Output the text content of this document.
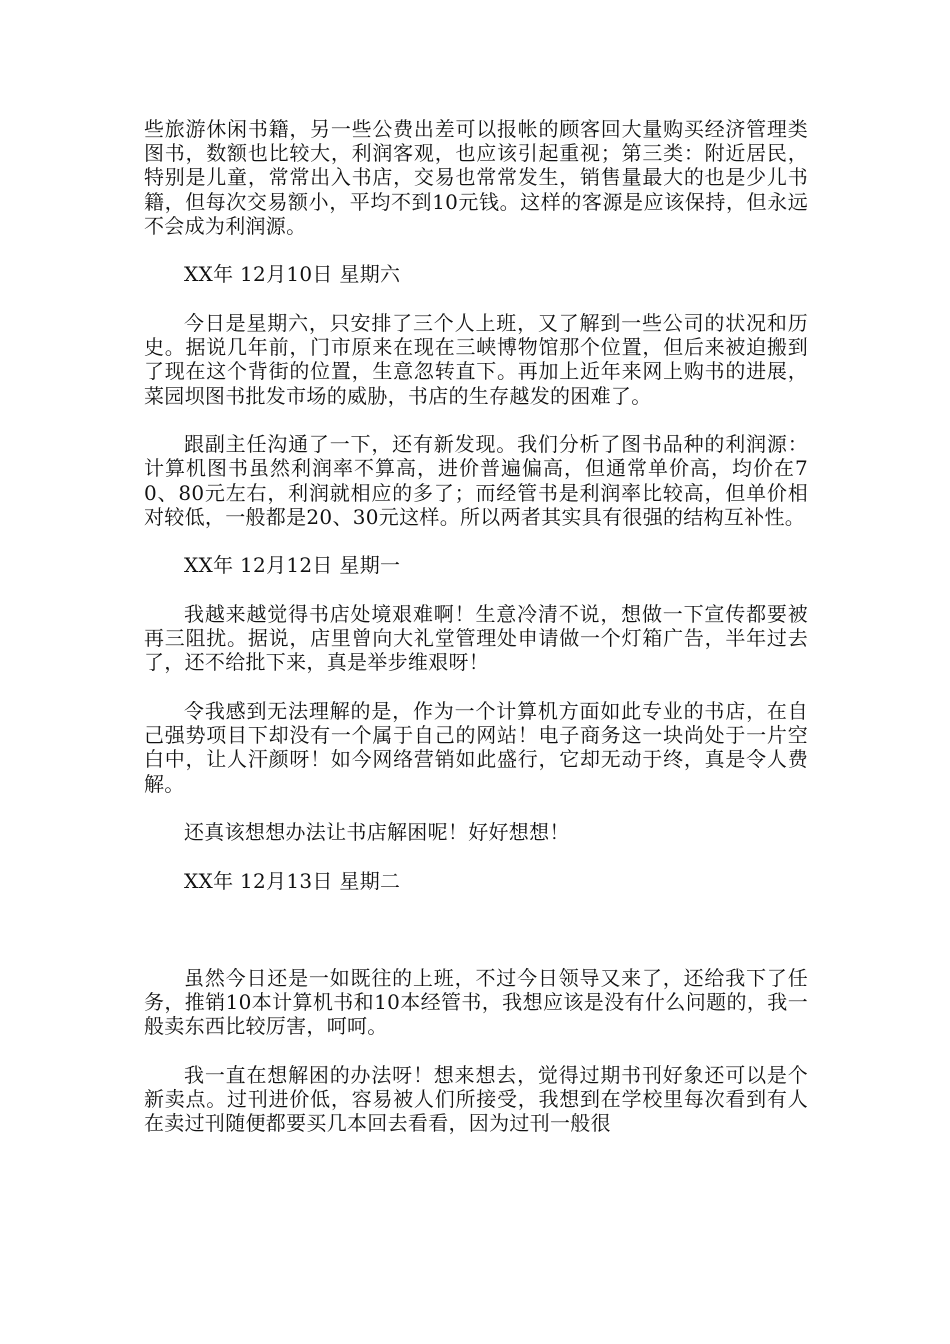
些旅游休闲书籍，另一些公费出差可以报帐的顾客回大量购买经济管理类图书，数额也比较大，利润客观，也应该引起重视；第三类：附近居民，特别是儿童，常常出入书店，交易也常常发生，销售量最大的也是少儿书籍，但每次交易额小，平均不到10元钱。这样的客源是应该保持，但永远不会成为利润源。

XX年 12月10日 星期六

今日是星期六，只安排了三个人上班，又了解到一些公司的状况和历史。据说几年前，门市原来在现在三峡博物馆那个位置，但后来被迫搬到了现在这个背街的位置，生意忽转直下。再加上近年来网上购书的进展，菜园坝图书批发市场的威胁，书店的生存越发的困难了。

跟副主任沟通了一下，还有新发现。我们分析了图书品种的利润源：计算机图书虽然利润率不算高，进价普遍偏高，但通常单价高，均价在70、80元左右，利润就相应的多了；而经管书是利润率比较高，但单价相对较低，一般都是20、30元这样。所以两者其实具有很强的结构互补性。

XX年 12月12日 星期一

我越来越觉得书店处境艰难啊！生意冷清不说，想做一下宣传都要被再三阻扰。据说，店里曾向大礼堂管理处申请做一个灯箱广告，半年过去了，还不给批下来，真是举步维艰呀！

令我感到无法理解的是，作为一个计算机方面如此专业的书店，在自己强势项目下却没有一个属于自己的网站！电子商务这一块尚处于一片空白中，让人汗颜呀！如今网络营销如此盛行，它却无动于终，真是令人费解。

还真该想想办法让书店解困呢！好好想想！

XX年 12月13日 星期二

虽然今日还是一如既往的上班，不过今日领导又来了，还给我下了任务，推销10本计算机书和10本经管书，我想应该是没有什么问题的，我一般卖东西比较厉害，呵呵。

我一直在想解困的办法呀！想来想去，觉得过期书刊好象还可以是个新卖点。过刊进价低，容易被人们所接受，我想到在学校里每次看到有人在卖过刊随便都要买几本回去看看，因为过刊一般很
